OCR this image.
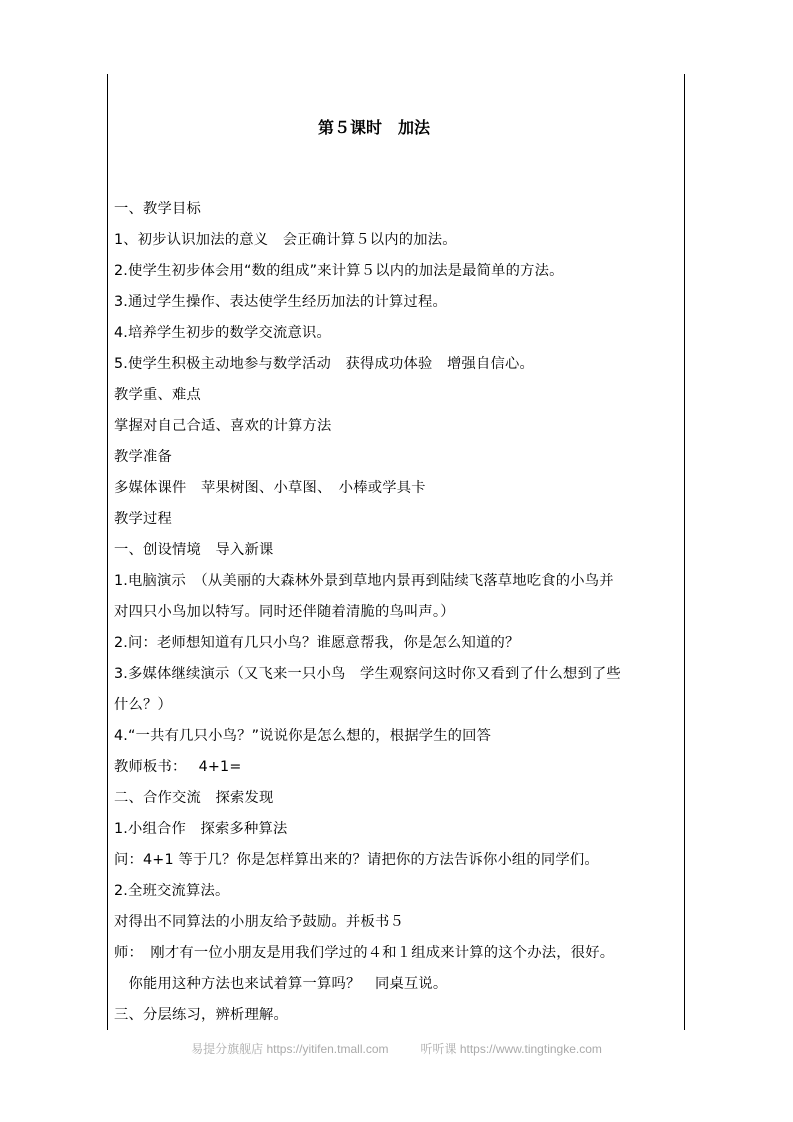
第５课时　加法
一、教学目标
1、初步认识加法的意义　会正确计算５以内的加法。
2.使学生初步体会用“数的组成”来计算５以内的加法是最简单的方法。
3.通过学生操作、表达使学生经历加法的计算过程。
4.培养学生初步的数学交流意识。
5.使学生积极主动地参与数学活动　获得成功体验　增强自信心。
教学重、难点
掌握对自己合适、喜欢的计算方法
教学准备
多媒体课件　苹果树图、小草图、　小棒或学具卡
教学过程
一、创设情境　导入新课
1.电脑演示　（从美丽的大森林外景到草地内景再到陆续飞落草地吃食的小鸟并
对四只小鸟加以特写。同时还伴随着清脆的鸟叫声。）
2.问：老师想知道有几只小鸟？谁愿意帮我，你是怎么知道的？
3.多媒体继续演示（又飞来一只小鸟　学生观察问这时你又看到了什么想到了些
什么？）
4.“一共有几只小鸟？”说说你是怎么想的，根据学生的回答
教师板书：　 4+1=
二、合作交流　探索发现
1.小组合作　探索多种算法
问：4+1 等于几？你是怎样算出来的？请把你的方法告诉你小组的同学们。
2.全班交流算法。
对得出不同算法的小朋友给予鼓励。并板书５
师：　刚才有一位小朋友是用我们学过的４和１组成来计算的这个办法，很好。
　你能用这种方法也来试着算一算吗？　同桌互说。
三、分层练习，辨析理解。
易提分旗舰店 https://yitifen.tmall.com	听听课 https://www.tingtingke.com
